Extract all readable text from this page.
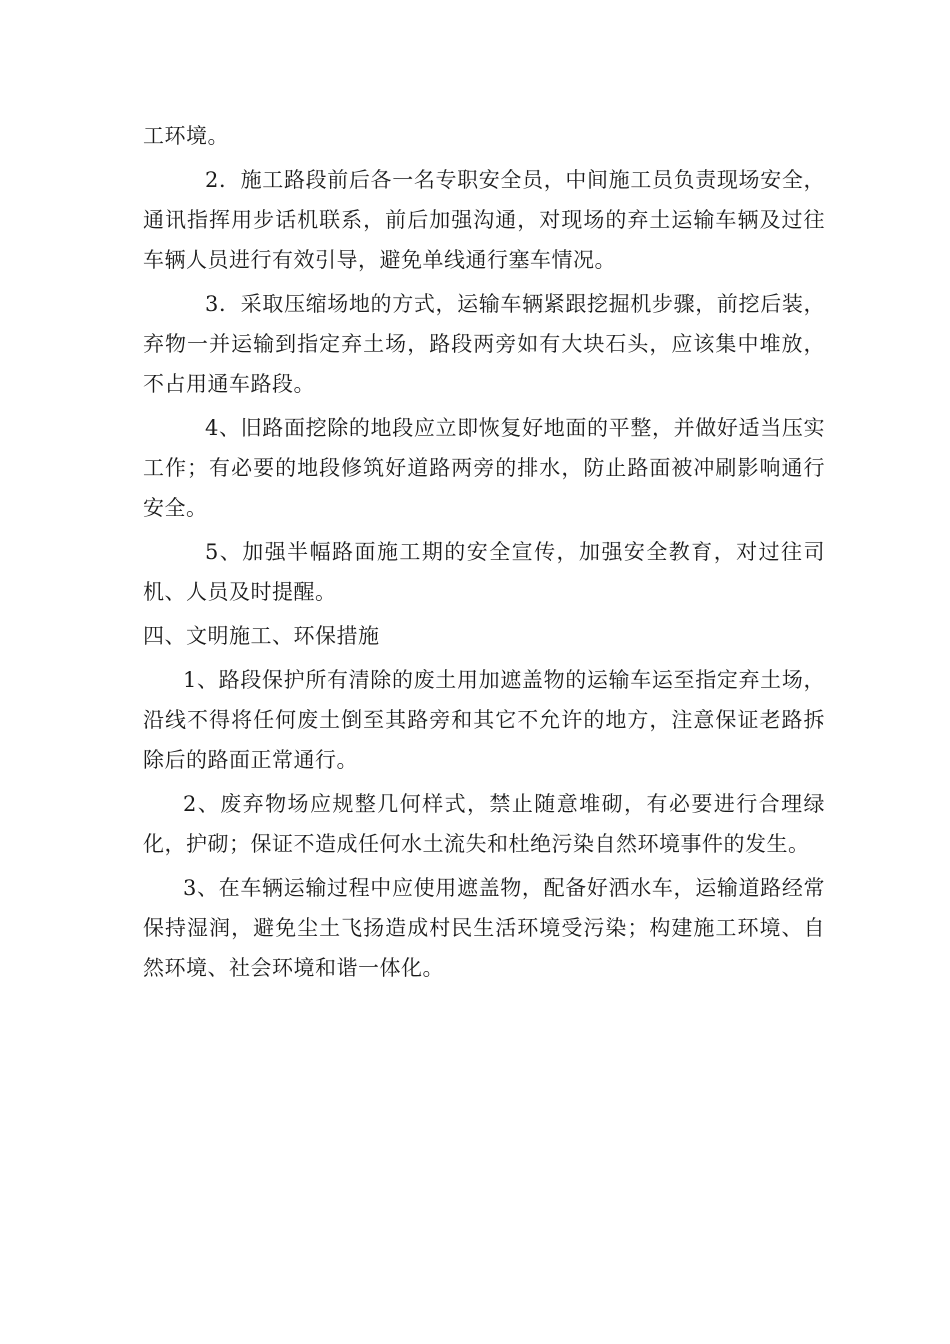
工环境。

2．施工路段前后各一名专职安全员，中间施工员负责现场安全，通讯指挥用步话机联系，前后加强沟通，对现场的弃土运输车辆及过往车辆人员进行有效引导，避免单线通行塞车情况。

3．采取压缩场地的方式，运输车辆紧跟挖掘机步骤，前挖后装，弃物一并运输到指定弃土场，路段两旁如有大块石头，应该集中堆放，不占用通车路段。

4、旧路面挖除的地段应立即恢复好地面的平整，并做好适当压实工作；有必要的地段修筑好道路两旁的排水，防止路面被冲刷影响通行安全。

5、加强半幅路面施工期的安全宣传，加强安全教育，对过往司机、人员及时提醒。

四、文明施工、环保措施

1、路段保护所有清除的废土用加遮盖物的运输车运至指定弃土场，沿线不得将任何废土倒至其路旁和其它不允许的地方，注意保证老路拆除后的路面正常通行。

2、废弃物场应规整几何样式，禁止随意堆砌，有必要进行合理绿化，护砌；保证不造成任何水土流失和杜绝污染自然环境事件的发生。

3、在车辆运输过程中应使用遮盖物，配备好洒水车，运输道路经常保持湿润，避免尘土飞扬造成村民生活环境受污染；构建施工环境、自然环境、社会环境和谐一体化。
